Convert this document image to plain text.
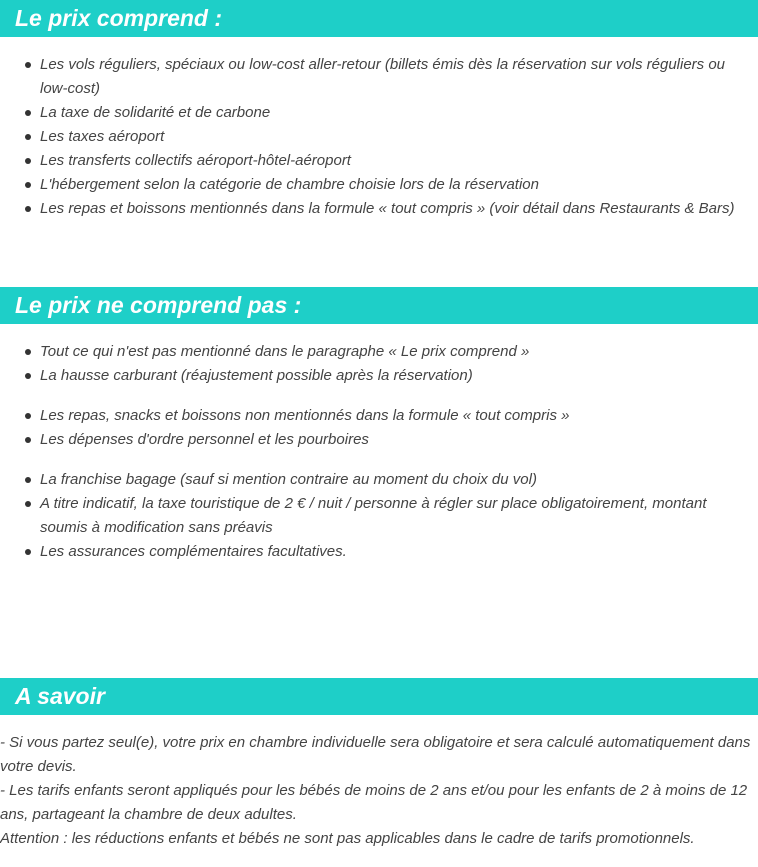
Le prix comprend :
Les vols réguliers, spéciaux ou low-cost aller-retour (billets émis dès la réservation sur vols réguliers ou low-cost)
La taxe de solidarité et de carbone
Les taxes aéroport
Les transferts collectifs aéroport-hôtel-aéroport
L'hébergement selon la catégorie de chambre choisie lors de la réservation
Les repas et boissons mentionnés dans la formule « tout compris » (voir détail dans Restaurants & Bars)
Le prix ne comprend pas :
Tout ce qui n'est pas mentionné dans le paragraphe « Le prix comprend »
La hausse carburant (réajustement possible après la réservation)
Les repas, snacks et boissons non mentionnés dans la formule « tout compris »
Les dépenses d'ordre personnel et les pourboires
La franchise bagage (sauf si mention contraire au moment du choix du vol)
A titre indicatif, la taxe touristique de 2 € / nuit / personne à régler sur place obligatoirement, montant soumis à modification sans préavis
Les assurances complémentaires facultatives.
A savoir

- Si vous partez seul(e), votre prix en chambre individuelle sera obligatoire et sera calculé automatiquement dans votre devis.

- Les tarifs enfants seront appliqués pour les bébés de moins de 2 ans et/ou pour les enfants de 2 à moins de 12 ans, partageant la chambre de deux adultes.

Attention : les réductions enfants et bébés ne sont pas applicables dans le cadre de tarifs promotionnels.
